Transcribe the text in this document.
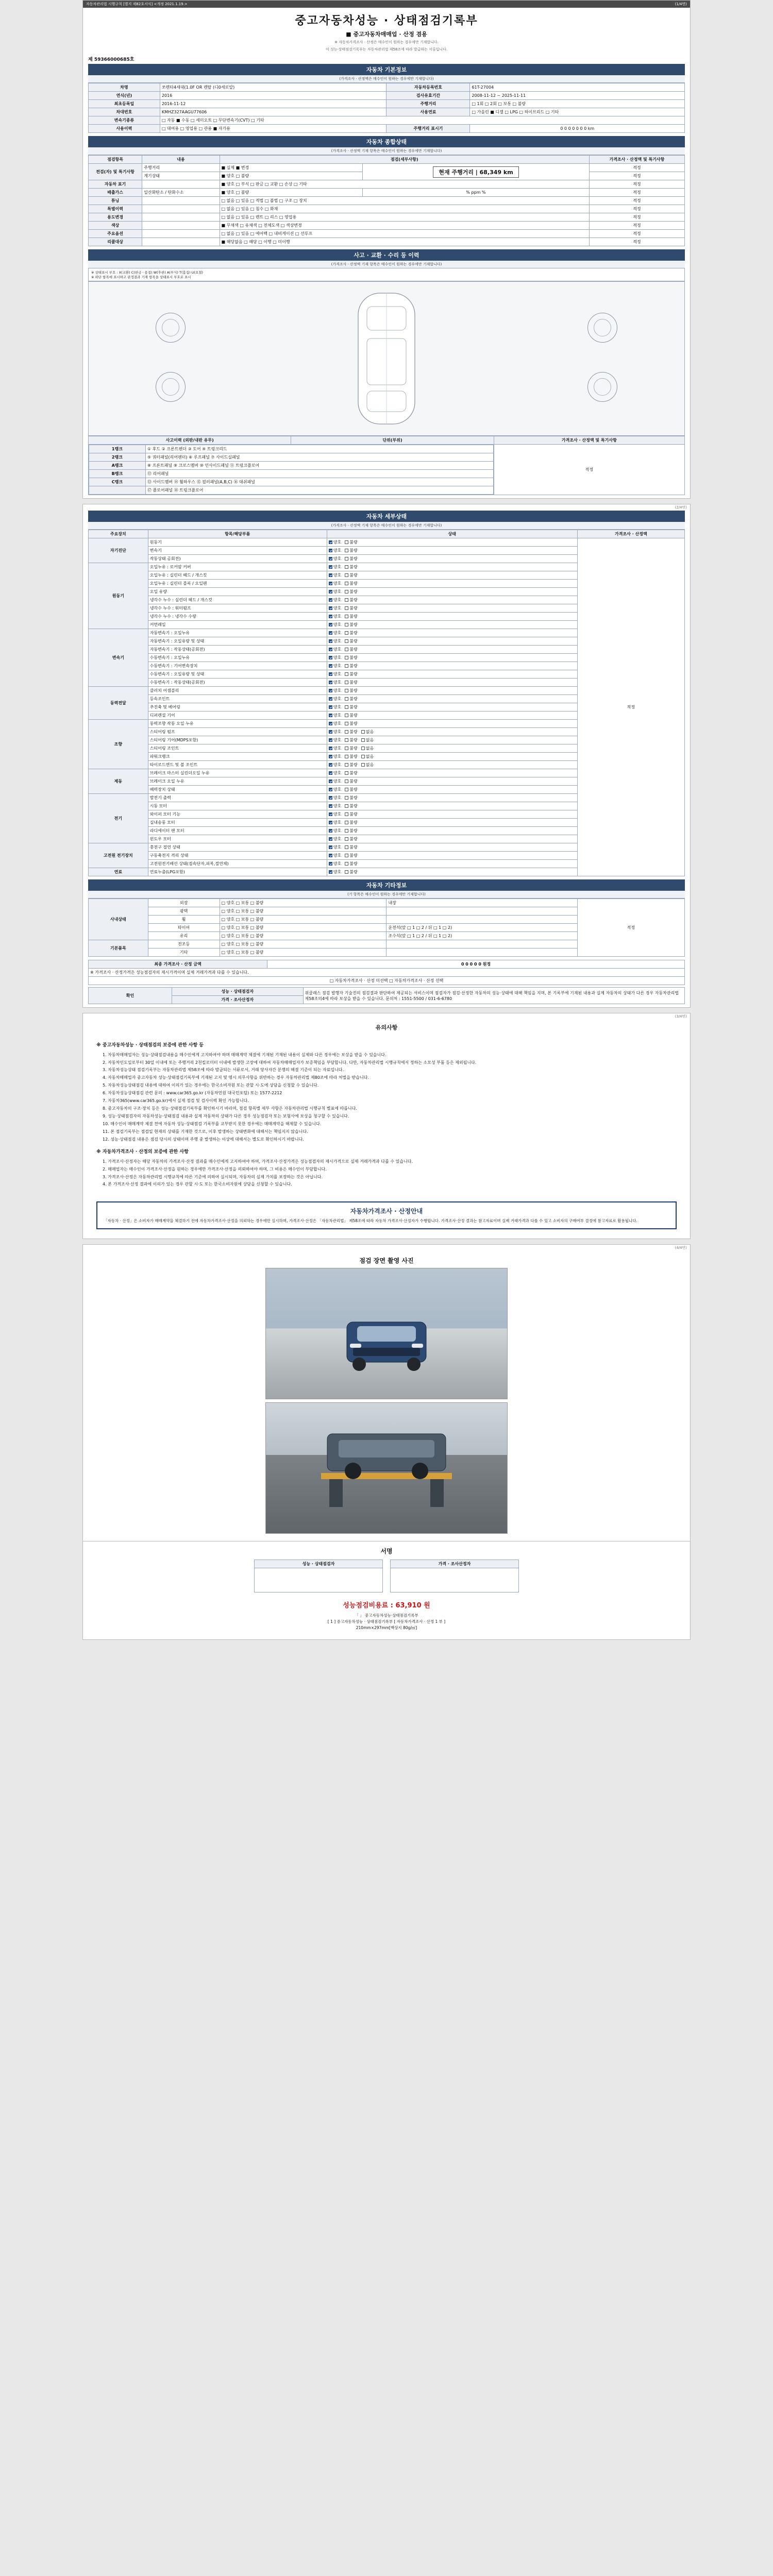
자동차관리법 시행규칙 [별지 제82호서식] <개정 2021.1.19.>	(1/4면)
중고자동차성능 · 상태점검기록부
■ 중고자동차매매업 · 산정 겸용
※ 자동차가격조사 · 산정은 매수인이 원하는 경우에만 기재합니다.
이 성능·상태점검기록부는 자동차관리법 제58조에 따라 발급하는 서류입니다.
제 59366000685호
자동차 기본정보
(가격조사 · 산정액은 매수인이 원하는 경우에만 기재합니다)
차명	쏘렌타4세대(1.0F OR 렌탈 (디0세로알)	자동차등록번호	61T-27004
연식(년)	2016	검사유효기간	2008-11-12 ~ 2025-11-11
최초등록일	2016-11-12	주행거리	□ 1회 □ 2회 □ 보통 □ 불량
차대번호	KMHZ327AAGU77606	사용연료	□ 가솔린 ■ 디젤 □ LPG □ 하이브리드 □ 기타
변속기종류	□ 자동 ■ 수동 □ 세미오토 □ 무단변속기(CVT) □ 기타		
사용이력	□ 대여용 □ 영업용 □ 관용 ■ 자가용	주행거리 표시기	0 0 0 0 0 0 0 km
자동차 종합상태
(가격조사 · 산정액 기재 항목은 매수인이 원하는 경우에만 기재합니다)
점검항목	내용	점검(세부사항)		가격조사 · 산정액 및 특기사항
전검(자) 및 특기사항	주행거리	■ 실제 ■ 변경	현재 주행거리 | 68,349 km	적정
	계기상태	■ 양호 □ 불량		적정
자동차 표기		■ 양호 □ 부식 □ 판금 □ 교환 □ 손상 □ 기타		적정
배출가스	일산화탄소 / 탄화수소	■ 양호 □ 불량	% ppm %	적정
튜닝		□ 없음 □ 있음 □ 적법 □ 불법 □ 구조 □ 장치		적정
특별이력		□ 없음 □ 있음 □ 침수 □ 화재		적정
용도변경		□ 없음 □ 있음 □ 렌트 □ 리스 □ 영업용		적정
색상		■ 무채색 □ 유채색 □ 전체도색 □ 색상변경		적정
주요옵션		□ 없음 □ 있음 □ 에어백 □ 내비게이션 □ 선루프		적정
리콜대상		■ 해당없음 □ 해당 □ 이행 □ 미이행		적정
사고 · 교환 · 수리 등 이력
(가격조사 · 산정액 기재 항목은 매수인이 원하는 경우에만 기재합니다)
※ 상태표시 부호 : X(교환) C(판금 · 용접) W(후판) A(부식) T(흠집) U(요철)
※ 하단 항목에 표시하고 판정결과 기재 항목을 상태표시 부호로 표시
사고이력 (외판/내판 유무)	단위(부위)	가격조사 · 산정액 및 특기사항

1랭크	① 후드 ② 프론트펜더 ③ 도어 ④ 트렁크리드
2랭크	⑤ 쿼터패널(리어펜더) ⑥ 루프패널 ⑦ 사이드실패널
A랭크	⑧ 프론트패널 ⑨ 크로스멤버 ⑩ 인사이드패널 ⑪ 트렁크플로어
B랭크	⑫ 리어패널
C랭크	⑬ 사이드멤버 ⑭ 휠하우스 ⑮ 필러패널(A,B,C) ⑯ 대쉬패널
	⑰ 플로어패널 ⑱ 트렁크플로어
	적정
(2/4면)
자동차 세부상태
(가격조사 · 산정액 기재 항목은 매수인이 원하는 경우에만 기재합니다)
주요장치	항목/해당부품	상태	가격조사 · 산정액
자기진단	원동기	양호 불량	적정
	변속기	양호 불량	
	작동상태 공회전)	양호 불량	
원동기	오일누유 : 로커암 커버	양호 불량	
	오일누유 : 실린더 헤드 / 개스킷	양호 불량	
	오일누유 : 실린더 블록 / 오일팬	양호 불량	
	오일 유량	양호 불량	
	냉각수 누수 : 실린더 헤드 / 개스킷	양호 불량	
	냉각수 누수 : 워터펌프	양호 불량	
	냉각수 누수 : 냉각수 수량	양호 불량	
	커먼레일	양호 불량	
변속기	자동변속기 : 오일누유	양호 불량	
	자동변속기 : 오일유량 및 상태	양호 불량	
	자동변속기 : 작동상태(공회전)	양호 불량	
	수동변속기 : 오일누유	양호 불량	
	수동변속기 : 기어변속장치	양호 불량	
	수동변속기 : 오일유량 및 상태	양호 불량	
	수동변속기 : 작동상태(공회전)	양호 불량	
동력전달	클러치 어셈블리	양호 불량	
	등속조인트	양호 불량	
	추진축 및 베어링	양호 불량	
	디퍼렌셜 기어	양호 불량	
조향	동력조향 작동 오일 누유	양호 불량	
	스티어링 펌프	양호 불량 없음	
	스티어링 기어(MDPS포함)	양호 불량 없음	
	스티어링 조인트	양호 불량 없음	
	파워크랭크	양호 불량 없음	
	타이로드엔드 및 볼 조인트	양호 불량 없음	
제동	브레이크 마스터 실린더오일 누유	양호 불량	
	브레이크 오일 누유	양호 불량	
	배력장치 상태	양호 불량	
전기	발전기 출력	양호 불량	
	시동 모터	양호 불량	
	와이퍼 모터 기능	양호 불량	
	실내송풍 모터	양호 불량	
	라디에이터 팬 모터	양호 불량	
	윈도우 모터	양호 불량	
고전원 전기장치	충전구 절연 상태	양호 불량	
	구동축전지 격리 상태	양호 불량	
	고전원전기배선 상태(접속단자,피복,절연체)	양호 불량	
연료	연료누출(LPG포함)	양호 불량	
자동차 기타정보
(기 항목은 매수인이 원하는 경우에만 기재합니다)
사내상태	외장	□ 양호 □ 보통 □ 불량	내장	적정
	광택	□ 양호 □ 보통 □ 불량		
	휠	□ 양호 □ 보통 □ 불량		
	타이어	□ 양호 □ 보통 □ 불량	운전석(앞 □ 1 □ 2 / 뒤 □ 1 □ 2)	
	유리	□ 양호 □ 보통 □ 불량	조수석(앞 □ 1 □ 2 / 뒤 □ 1 □ 2)	
기본품목	전조등	□ 양호 □ 보통 □ 불량		
	기타	□ 양호 □ 보통 □ 불량		
최종 가격조사 · 산정 금액	0 0 0 0 0 원정
※ 가격조사 · 산정가격은 성능점검자의 제시가격이며 실제 거래가격과 다를 수 있습니다.
□ 자동차가격조사 · 산정 미선택 □ 자동차가격조사 · 산정 선택
확인	성능 · 상태점검자	위클래스 점검 발행자 기술진의 점검결과 판단하여 제공되는 서비스이며 점검자가 점검·산정한 자동차의 성능·상태에 대해 책임을 지며, 본 기록부에 기재된 내용과 실제 자동차의 상태가 다른 경우 자동차관리법 제58조의4에 따라 보상을 받을 수 있습니다. 문의처 : 1551-5500 / 031-6-6780
가격 · 조사산정자
(3/4면)
유의사항
※ 중고자동차성능 · 상태점검의 보증에 관한 사항 등

1. 자동차매매업자는 성능·상태점검내용을 매수인에게 고지하여야 하며 매매계약 체결에 기재된 기재된 내용이 실제와 다른 경우에는 보상을 받을 수 있습니다.

2. 자동차인도일로부터 30일 이내에 또는 주행거리 2천킬로미터 이내에 발생한 고장에 대하여 자동차매매업자가 보증책임을 부담합니다. 다만, 자동차관리법 시행규칙에서 정하는 소모성 부품 등은 제외됩니다.

3. 자동차성능상태 점검기록부는 자동차관리법 제58조에 따라 발급되는 서류로서, 거래 당사자간 분쟁의 해결 기준이 되는 자료입니다.

4. 자동차매매업자 중고자동차 성능·상태점검기록부에 기재된 고지 및 명시 의무사항을 위반하는 경우 자동차관리법 제80조에 따라 처벌을 받습니다.

5. 자동차성능상태점검 내용에 대하여 이의가 있는 경우에는 한국소비자원 또는 관할 시·도에 상담을 신청할 수 있습니다.

6. 자동차성능상태점검 관련 문의 : www.car365.go.kr (자동차민원 대국민포털) 또는 1577-2212

7. 자동차365(www.car365.go.kr)에서 실제 점검 및 검사이력 확인 가능합니다.

8. 중고자동차의 구조·장치 등은 성능·상태점검기록부를 확인하시기 바라며, 점검 항목별 세부 사항은 자동차관리법 시행규칙 별표에 따릅니다.

9. 성능·상태점검자의 자동차성능·상태점검 내용과 실제 자동차의 상태가 다른 경우 성능점검자 또는 보험사에 보상을 청구할 수 있습니다.

10. 매수인이 매매계약 체결 전에 자동차 성능·상태점검 기록부를 교부받지 못한 경우에는 매매계약을 해제할 수 있습니다.

11. 본 점검기록부는 점검일 현재의 상태를 기재한 것으로, 이후 발생하는 상태변화에 대해서는 책임지지 않습니다.

12. 성능·상태점검 내용은 점검 당시의 상태이며 주행 중 발생하는 이상에 대해서는 별도로 확인하시기 바랍니다.

※ 자동차가격조사 · 산정의 보증에 관한 사항

1. 가격조사·산정자는 해당 자동차의 가격조사·산정 결과를 매수인에게 고지하여야 하며, 가격조사·산정가격은 성능점검자의 제시가격으로 실제 거래가격과 다를 수 있습니다.

2. 매매업자는 매수인이 가격조사·산정을 원하는 경우에만 가격조사·산정을 의뢰하여야 하며, 그 비용은 매수인이 부담합니다.

3. 가격조사·산정은 자동차관리법 시행규칙에 따른 기준에 의하여 실시되며, 자동차의 실제 가치를 보장하는 것은 아닙니다.

4. 본 가격조사·산정 결과에 이의가 있는 경우 관할 시·도 또는 한국소비자원에 상담을 신청할 수 있습니다.

자동차가격조사 · 산정안내
「자동차 · 산정」은 소비자가 매매계약을 체결하기 전에 자동차가격조사·산정을 의뢰하는 경우에만 실시하며, 가격조사·산정은 「자동차관리법」 제58조에 따라 자동차 가격조사·산정자가 수행합니다. 가격조사·산정 결과는 참고자료이며 실제 거래가격과 다를 수 있고 소비자의 구매여부 결정에 참고자료로 활용됩니다.
(4/4면)
점검 장면 촬영 사진
서명
성능 · 상태점검자	가격 · 조사산정자
성능점검비용료 : 63,910 원
「 」 중고자동차성능·상태점검기록부
[ 1 ] 중고자동차성능 · 상태점검기록부 [ 자동차가격조사 · 산정 1 부 ]
210mm×297mm[백상지 80g/㎡]
